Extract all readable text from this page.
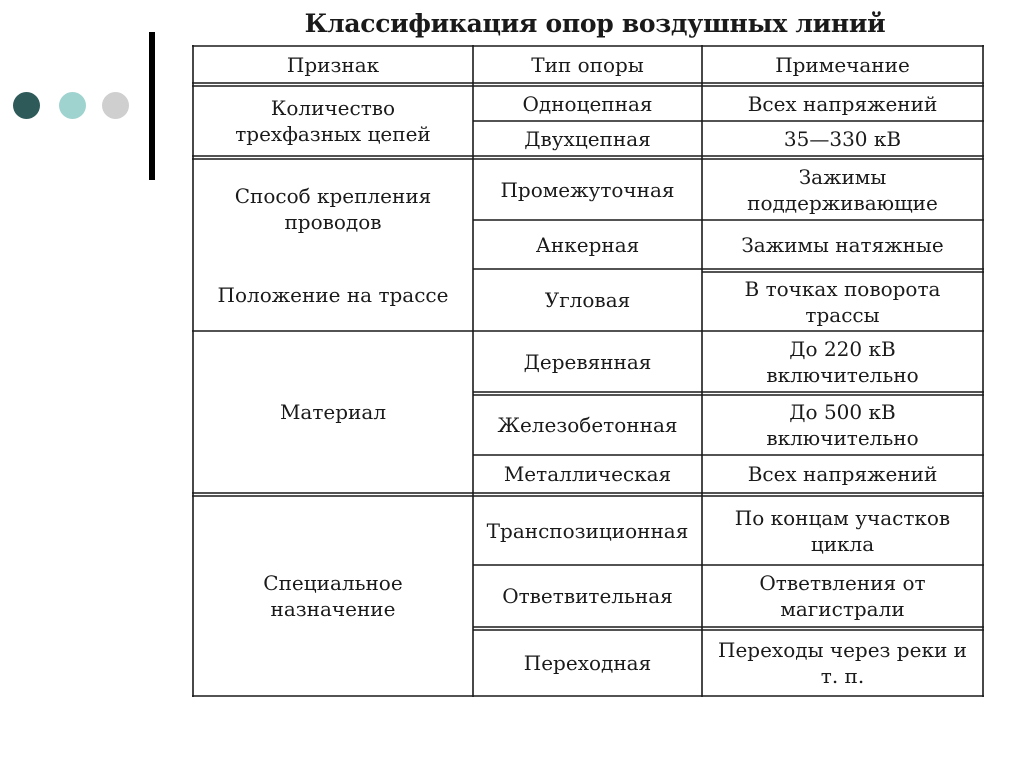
Классификация опор воздушных линий
Признак	Тип опоры	Примечание
Количество
трехфазных цепей
Способ крепления
проводов
Положение на трассе
Материал
Специальное
назначение
Одноцепная
Двухцепная
Промежуточная
Анкерная
Угловая
Деревянная
Железобетонная
Металлическая
Транспозиционная
Ответвительная
Переходная
Всех напряжений
35—330 кВ
Зажимы
поддерживающие
Зажимы натяжные
В точках поворота
трассы
До 220 кВ
включительно
До 500 кВ
включительно
Всех напряжений
По концам участков
цикла
Ответвления от
магистрали
Переходы через реки и
т. п.
